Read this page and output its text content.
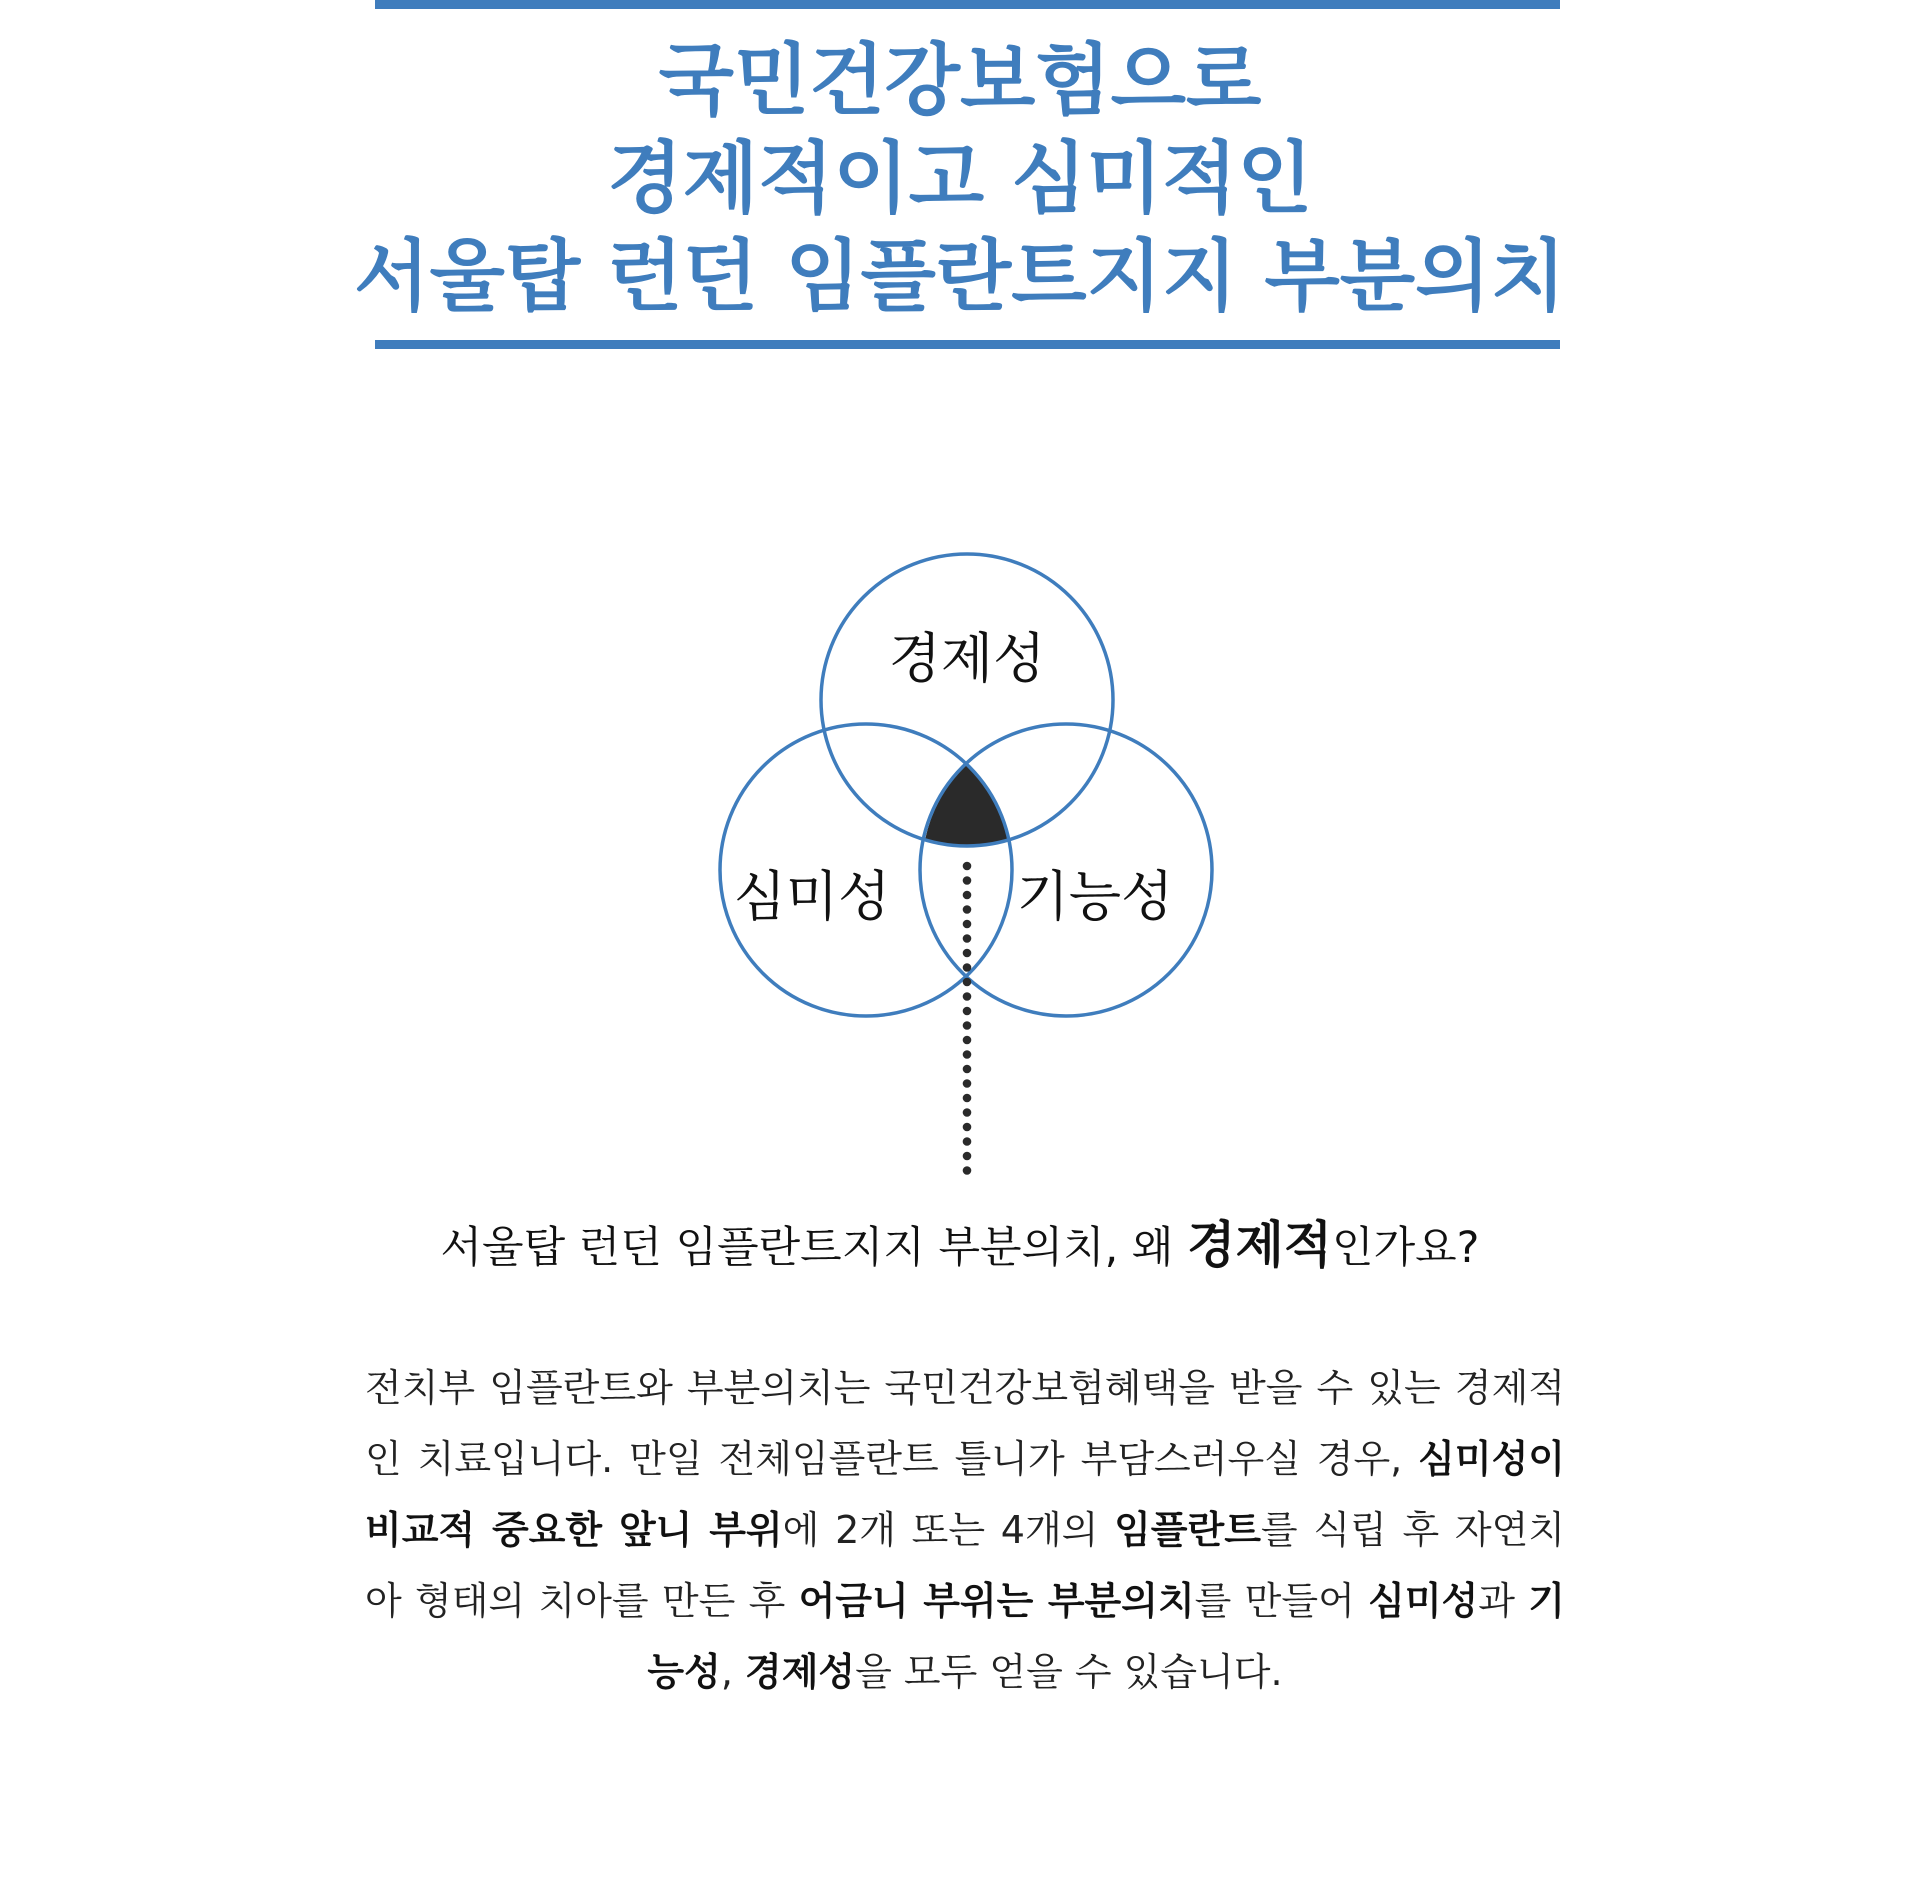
국민건강보험으로
경제적이고 심미적인
서울탑 런던 임플란트지지 부분의치
경제성
심미성 기능성
서울탑 런던 임플란트지지 부분의치, 왜 경제적인가요?
전치부 임플란트와 부분의치는 국민건강보험혜택을 받을 수 있는 경제적인 치료입니다. 만일 전체임플란트 틀니가 부담스러우실 경우, 심미성이 비교적 중요한 앞니 부위에 2개 또는 4개의 임플란트를 식립 후 자연치아 형태의 치아를 만든 후 어금니 부위는 부분의치를 만들어 심미성과 기능성, 경제성을 모두 얻을 수 있습니다.
